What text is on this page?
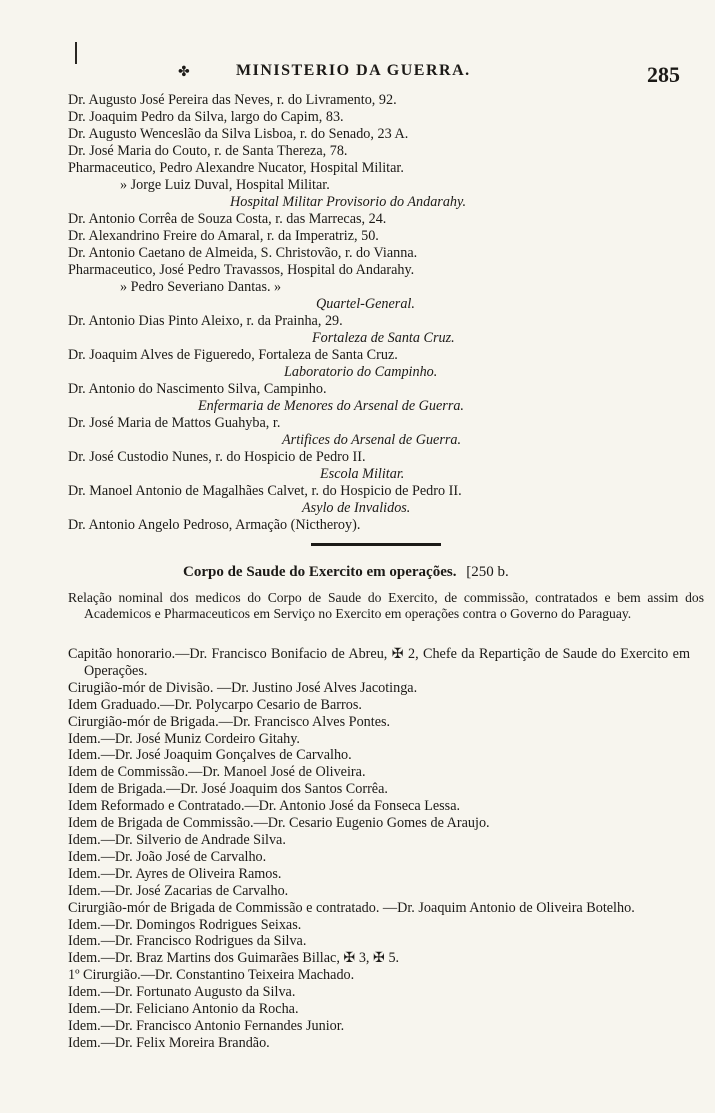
✤	MINISTERIO DA GUERRA.	285
Dr. Augusto José Pereira das Neves, r. do Livramento, 92.
Dr. Joaquim Pedro da Silva, largo do Capim, 83.
Dr. Augusto Wenceslão da Silva Lisboa, r. do Senado, 23 A.
Dr. José Maria do Couto, r. de Santa Thereza, 78.
Pharmaceutico, Pedro Alexandre Nucator, Hospital Militar.
» Jorge Luiz Duval, Hospital Militar.
Hospital Militar Provisorio do Andarahy.
Dr. Antonio Corrêa de Souza Costa, r. das Marrecas, 24.
Dr. Alexandrino Freire do Amaral, r. da Imperatriz, 50.
Dr. Antonio Caetano de Almeida, S. Christovão, r. do Vianna.
Pharmaceutico, José Pedro Travassos, Hospital do Andarahy.
» Pedro Severiano Dantas. »
Quartel-General.
Dr. Antonio Dias Pinto Aleixo, r. da Prainha, 29.
Fortaleza de Santa Cruz.
Dr. Joaquim Alves de Figueredo, Fortaleza de Santa Cruz.
Laboratorio do Campinho.
Dr. Antonio do Nascimento Silva, Campinho.
Enfermaria de Menores do Arsenal de Guerra.
Dr. José Maria de Mattos Guahyba, r.
Artifices do Arsenal de Guerra.
Dr. José Custodio Nunes, r. do Hospicio de Pedro II.
Escola Militar.
Dr. Manoel Antonio de Magalhães Calvet, r. do Hospicio de Pedro II.
Asylo de Invalidos.
Dr. Antonio Angelo Pedroso, Armação (Nictheroy).
Corpo de Saude do Exercito em operações. [250 b.
Relação nominal dos medicos do Corpo de Saude do Exercito, de commissão, contratados e bem assim dos Academicos e Pharmaceuticos em Serviço no Exercito em operações contra o Governo do Paraguay.
Capitão honorario.—Dr. Francisco Bonifacio de Abreu, ✠ 2, Chefe da Repartição de Saude do Exercito em Operações.
Cirugião-mór de Divisão. —Dr. Justino José Alves Jacotinga.
Idem Graduado.—Dr. Polycarpo Cesario de Barros.
Cirurgião-mór de Brigada.—Dr. Francisco Alves Pontes.
Idem.—Dr. José Muniz Cordeiro Gitahy.
Idem.—Dr. José Joaquim Gonçalves de Carvalho.
Idem de Commissão.—Dr. Manoel José de Oliveira.
Idem de Brigada.—Dr. José Joaquim dos Santos Corrêa.
Idem Reformado e Contratado.—Dr. Antonio José da Fonseca Lessa.
Idem de Brigada de Commissão.—Dr. Cesario Eugenio Gomes de Araujo.
Idem.—Dr. Silverio de Andrade Silva.
Idem.—Dr. João José de Carvalho.
Idem.—Dr. Ayres de Oliveira Ramos.
Idem.—Dr. José Zacarias de Carvalho.
Cirurgião-mór de Brigada de Commissão e contratado. —Dr. Joaquim Antonio de Oliveira Botelho.
Idem.—Dr. Domingos Rodrigues Seixas.
Idem.—Dr. Francisco Rodrigues da Silva.
Idem.—Dr. Braz Martins dos Guimarães Billac, ✠ 3, ✠ 5.
1º Cirurgião.—Dr. Constantino Teixeira Machado.
Idem.—Dr. Fortunato Augusto da Silva.
Idem.—Dr. Feliciano Antonio da Rocha.
Idem.—Dr. Francisco Antonio Fernandes Junior.
Idem.—Dr. Felix Moreira Brandão.
